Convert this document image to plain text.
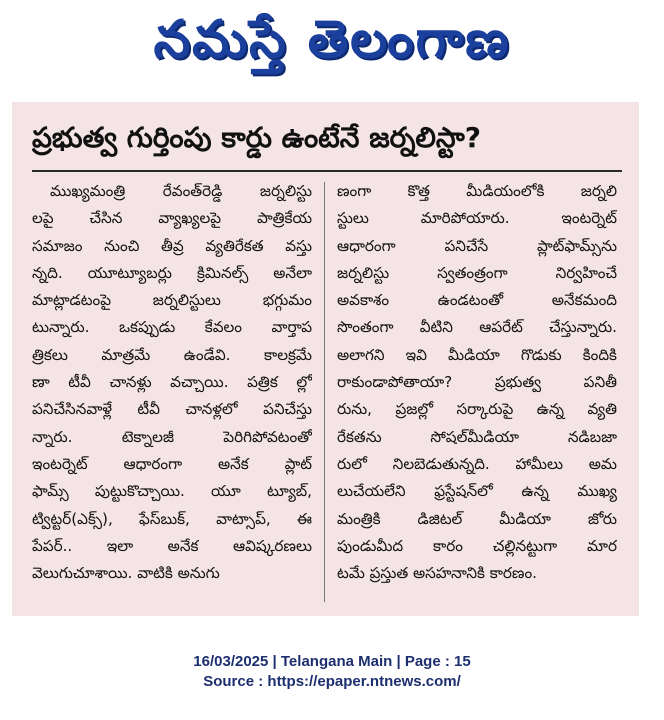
నమస్తే తెలంగాణ
ప్రభుత్వ గుర్తింపు కార్డు ఉంటేనే జర్నలిస్టా?
ముఖ్యమంత్రి రేవంత్‌రెడ్డి జర్నలిస్టు
లపై చేసిన వ్యాఖ్యలపై పాత్రికేయ
సమాజం నుంచి తీవ్ర వ్యతిరేకత వస్తు
న్నది. యూట్యూబర్లు క్రిమినల్స్ అనేలా
మాట్లాడటంపై జర్నలిస్టులు భగ్గుమం
టున్నారు. ఒకప్పుడు కేవలం వార్తాప
త్రికలు మాత్రమే ఉండేవి. కాలక్రమే
ణా టీవీ చానళ్లు వచ్చాయి. పత్రిక ల్లో
పనిచేసినవాళ్లే టీవీ చానళ్లలో పనిచేస్తు
న్నారు. టెక్నాలజీ పెరిగిపోవటంతో
ఇంటర్నెట్ ఆధారంగా అనేక ప్లాట్
ఫామ్స్ పుట్టుకొచ్చాయి. యూ ట్యూబ్,
ట్విట్టర్(ఎక్స్), ఫేస్‌బుక్, వాట్సాప్, ఈ
పేపర్.. ఇలా అనేక ఆవిష్కరణలు
వెలుగుచూశాయి. వాటికి అనుగు
ణంగా కొత్త మీడియంలోకి జర్నలి
స్టులు మారిపోయారు. ఇంటర్నెట్
ఆధారంగా పనిచేసే ప్లాట్‌ఫామ్స్‌ను
జర్నలిస్టు స్వతంత్రంగా నిర్వహించే
అవకాశం ఉండటంతో అనేకమంది
సొంతంగా వీటిని ఆపరేట్ చేస్తున్నారు.
అలాగని ఇవి మీడియా గొడుకు కిందికి
రాకుండాపోతాయా? ప్రభుత్వ పనితీ
రును, ప్రజల్లో సర్కారుపై ఉన్న వ్యతి
రేకతను సోషల్‌మీడియా నడిబజా
రులో నిలబెడుతున్నది. హామీలు అమ
లుచేయలేని ఫ్రస్టేషన్‌లో ఉన్న ముఖ్య
మంత్రికి డిజిటల్ మీడియా జోరు
పుండుమీద కారం చల్లినట్టుగా మార
టమే ప్రస్తుత అసహనానికి కారణం.
16/03/2025 | Telangana Main | Page : 15
Source : https://epaper.ntnews.com/
